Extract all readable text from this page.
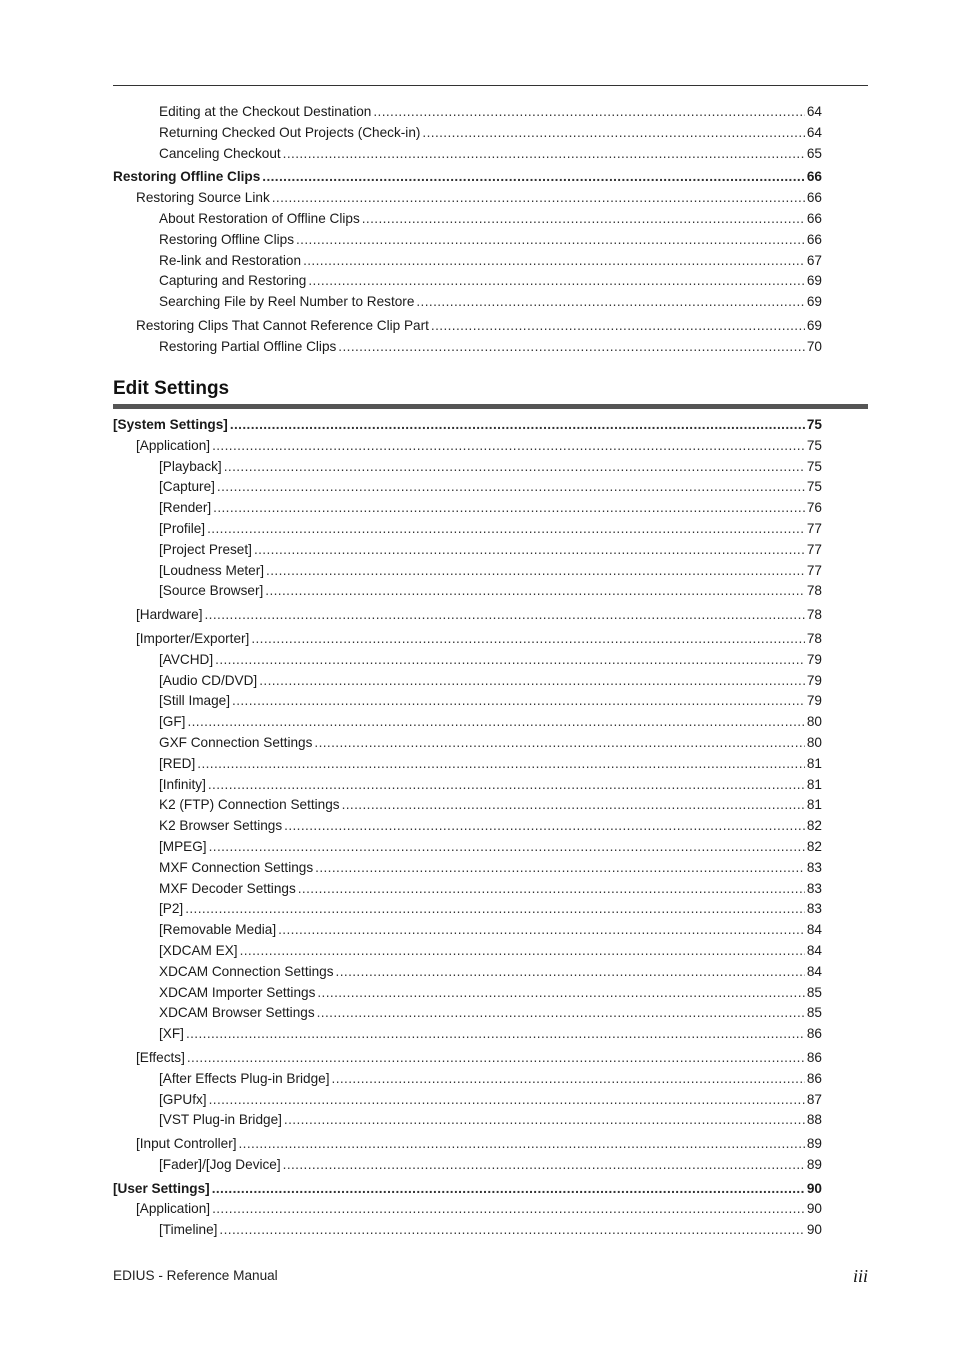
Editing at the Checkout Destination .....	64
Returning Checked Out Projects (Check-in) .....	64
Canceling Checkout .....	65
Restoring Offline Clips .....	66
Restoring Source Link .....	66
About Restoration of Offline Clips .....	66
Restoring Offline Clips .....	66
Re-link and Restoration .....	67
Capturing and Restoring .....	69
Searching File by Reel Number to Restore .....	69
Restoring Clips That Cannot Reference Clip Part .....	69
Restoring Partial Offline Clips .....	70
Edit Settings
[System Settings] .....	75
[Application] .....	75
[Playback] .....	75
[Capture] .....	75
[Render] .....	76
[Profile] .....	77
[Project Preset] .....	77
[Loudness Meter] .....	77
[Source Browser] .....	78
[Hardware] .....	78
[Importer/Exporter] .....	78
[AVCHD] .....	79
[Audio CD/DVD] .....	79
[Still Image] .....	79
[GF] .....	80
GXF Connection Settings .....	80
[RED] .....	81
[Infinity] .....	81
K2 (FTP) Connection Settings .....	81
K2 Browser Settings .....	82
[MPEG] .....	82
MXF Connection Settings .....	83
MXF Decoder Settings .....	83
[P2] .....	83
[Removable Media] .....	84
[XDCAM EX] .....	84
XDCAM Connection Settings .....	84
XDCAM Importer Settings .....	85
XDCAM Browser Settings .....	85
[XF] .....	86
[Effects] .....	86
[After Effects Plug-in Bridge] .....	86
[GPUfx] .....	87
[VST Plug-in Bridge] .....	88
[Input Controller] .....	89
[Fader]/[Jog Device] .....	89
[User Settings] .....	90
[Application] .....	90
[Timeline] .....	90
EDIUS - Reference Manual	iii
